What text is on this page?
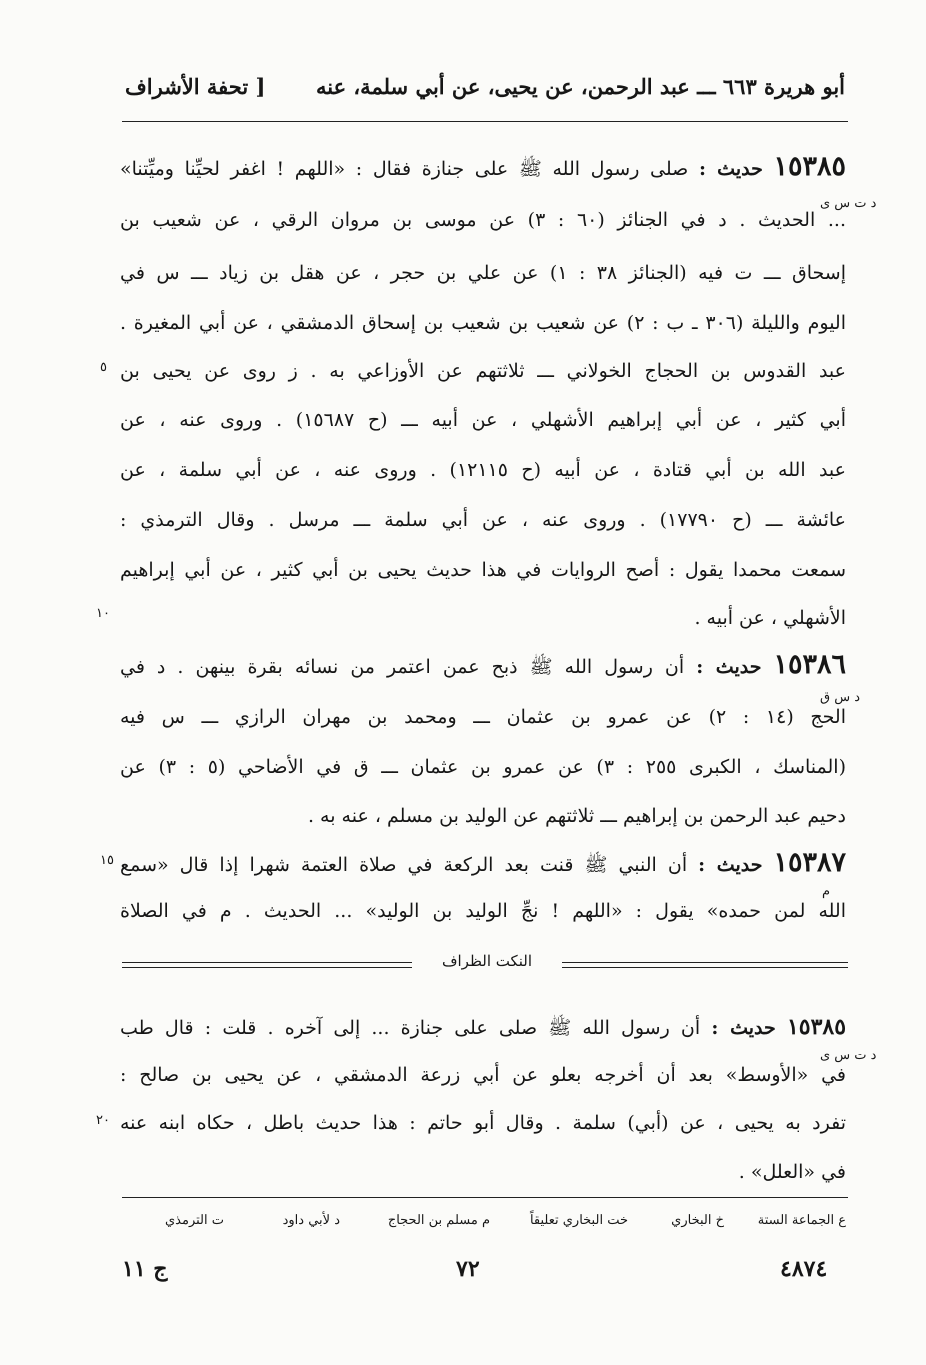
أبو هريرة ٦٦٣ ـــ عبد الرحمن، عن يحيى، عن أبي سلمة، عنه
[ تحفة الأشراف
١٥٣٨٥ حديث : صلى رسول الله ﷺ على جنازة فقال : «اللهم ! اغفر لحيِّنا وميِّتنا»
د ت س ى
... الحديث . د في الجنائز (٦٠ : ٣) عن موسى بن مروان الرقي ، عن شعيب بن
إسحاق ـــ ت فيه (الجنائز ٣٨ : ١) عن علي بن حجر ، عن هقل بن زياد ـــ س في
اليوم والليلة (٣٠٦ ـ ب : ٢) عن شعيب بن شعيب بن إسحاق الدمشقي ، عن أبي المغيرة .
عبد القدوس بن الحجاج الخولاني ـــ ثلاثتهم عن الأوزاعي به . ز روى عن يحيى بن
٥
أبي كثير ، عن أبي إبراهيم الأشهلي ، عن أبيه ـــ (ح ١٥٦٨٧) . وروى عنه ، عن
عبد الله بن أبي قتادة ، عن أبيه (ح ١٢١١٥) . وروى عنه ، عن أبي سلمة ، عن
عائشة ـــ (ح ١٧٧٩٠) . وروى عنه ، عن أبي سلمة ـــ مرسل . وقال الترمذي :
سمعت محمدا يقول : أصح الروايات في هذا حديث يحيى بن أبي كثير ، عن أبي إبراهيم
الأشهلي ، عن أبيه .
١٠
١٥٣٨٦ حديث : أن رسول الله ﷺ ذبح عمن اعتمر من نسائه بقرة بينهن . د في
د س ق
الحج (١٤ : ٢) عن عمرو بن عثمان ـــ ومحمد بن مهران الرازي ـــ س فيه
(المناسك ، الكبرى ٢٥٥ : ٣) عن عمرو بن عثمان ـــ ق في الأضاحي (٥ : ٣) عن
دحيم عبد الرحمن بن إبراهيم ـــ ثلاثتهم عن الوليد بن مسلم ، عنه به .
١٥٣٨٧ حديث : أن النبي ﷺ قنت بعد الركعة في صلاة العتمة شهرا إذا قال «سمع
١٥
م
الله لمن حمده» يقول : «اللهم ! نجِّ الوليد بن الوليد» ... الحديث . م في الصلاة
النكت الظراف
١٥٣٨٥ حديث : أن رسول الله ﷺ صلى على جنازة ... إلى آخره . قلت : قال طب
د ت س ى
في «الأوسط» بعد أن أخرجه بعلو عن أبي زرعة الدمشقي ، عن يحيى بن صالح :
تفرد به يحيى ، عن (أبي) سلمة . وقال أبو حاتم : هذا حديث باطل ، حكاه ابنه عنه
٢٠
في «العلل» .
ع الجماعة الستة
خ البخاري
خت البخاري تعليقاً
م مسلم بن الحجاج
د لأبي داود
ت الترمذي
٤٨٧٤
٧٢
ج ١١
